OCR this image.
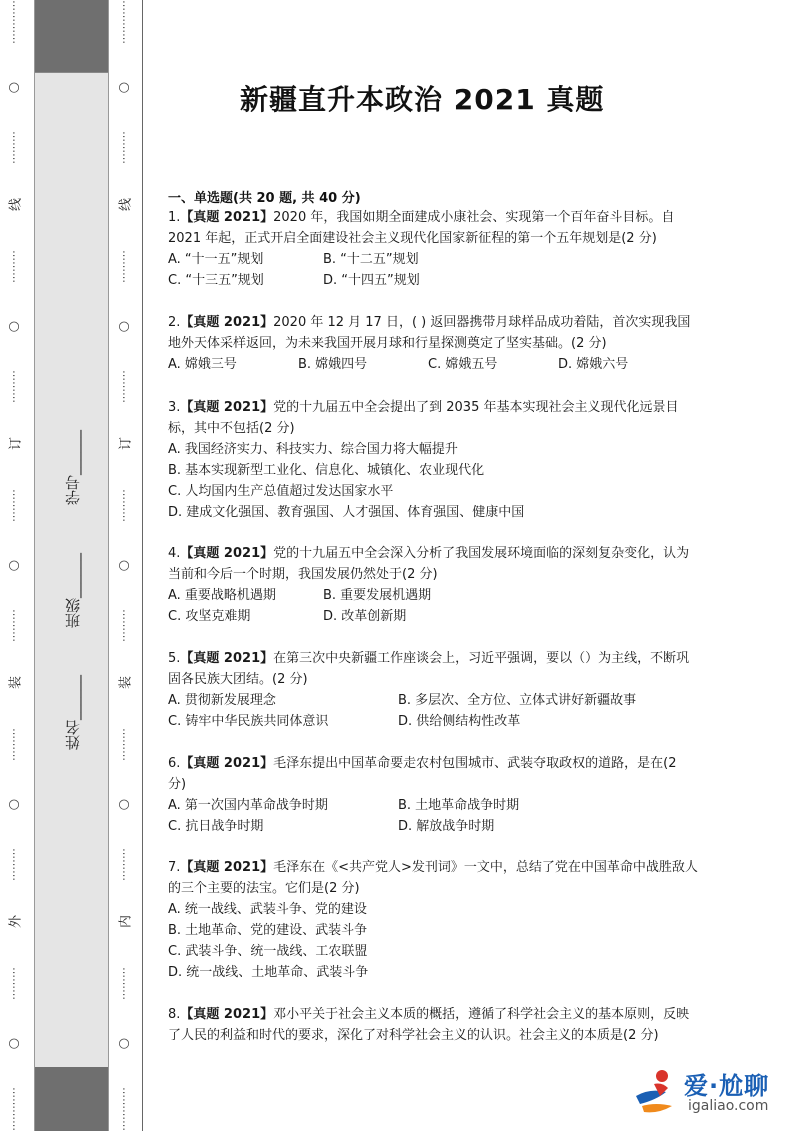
⋯⋯⋯⋯
○
⋯⋯⋯
线
⋯⋯⋯
○
⋯⋯⋯
订
⋯⋯⋯
○
⋯⋯⋯
装
⋯⋯⋯
○
⋯⋯⋯
外
⋯⋯⋯
○
⋯⋯⋯⋯
⋯⋯⋯⋯
○
⋯⋯⋯
线
⋯⋯⋯
○
⋯⋯⋯
订
⋯⋯⋯
○
⋯⋯⋯
装
⋯⋯⋯
○
⋯⋯⋯
内
⋯⋯⋯
○
⋯⋯⋯⋯
姓名______
班级______
学号______
新疆直升本政治 2021 真题
一、单选题(共 20 题, 共 40 分)

1.【真题 2021】2020 年，我国如期全面建成小康社会、实现第一个百年奋斗目标。自 2021 年起，正式开启全面建设社会主义现代化国家新征程的第一个五年规划是(2 分)

A. “十一五”规划	B. “十二五”规划
C. “十三五”规划	D. “十四五”规划

2.【真题 2021】2020 年 12 月 17 日，( ) 返回器携带月球样品成功着陆，首次实现我国地外天体采样返回，为未来我国开展月球和行星探测奠定了坚实基础。(2 分)

A. 嫦娥三号	B. 嫦娥四号	C. 嫦娥五号	D. 嫦娥六号

3.【真题 2021】党的十九届五中全会提出了到 2035 年基本实现社会主义现代化远景目标，其中不包括(2 分)

A. 我国经济实力、科技实力、综合国力将大幅提升
B. 基本实现新型工业化、信息化、城镇化、农业现代化
C. 人均国内生产总值超过发达国家水平
D. 建成文化强国、教育强国、人才强国、体育强国、健康中国

4.【真题 2021】党的十九届五中全会深入分析了我国发展环境面临的深刻复杂变化，认为当前和今后一个时期，我国发展仍然处于(2 分)

A. 重要战略机遇期	B. 重要发展机遇期
C. 攻坚克难期	D. 改革创新期

5.【真题 2021】在第三次中央新疆工作座谈会上，习近平强调，要以（）为主线，不断巩固各民族大团结。(2 分)

A. 贯彻新发展理念	B. 多层次、全方位、立体式讲好新疆故事
C. 铸牢中华民族共同体意识	D. 供给侧结构性改革

6.【真题 2021】毛泽东提出中国革命要走农村包围城市、武装夺取政权的道路，是在(2 分)

A. 第一次国内革命战争时期	B. 土地革命战争时期
C. 抗日战争时期	D. 解放战争时期

7.【真题 2021】毛泽东在《<共产党人>发刊词》一文中，总结了党在中国革命中战胜敌人的三个主要的法宝。它们是(2 分)

A. 统一战线、武装斗争、党的建设
B. 土地革命、党的建设、武装斗争
C. 武装斗争、统一战线、工农联盟
D. 统一战线、土地革命、武装斗争

8.【真题 2021】邓小平关于社会主义本质的概括，遵循了科学社会主义的基本原则，反映了人民的利益和时代的要求，深化了对科学社会主义的认识。社会主义的本质是(2 分)

爱·尬聊
igaliao.com
